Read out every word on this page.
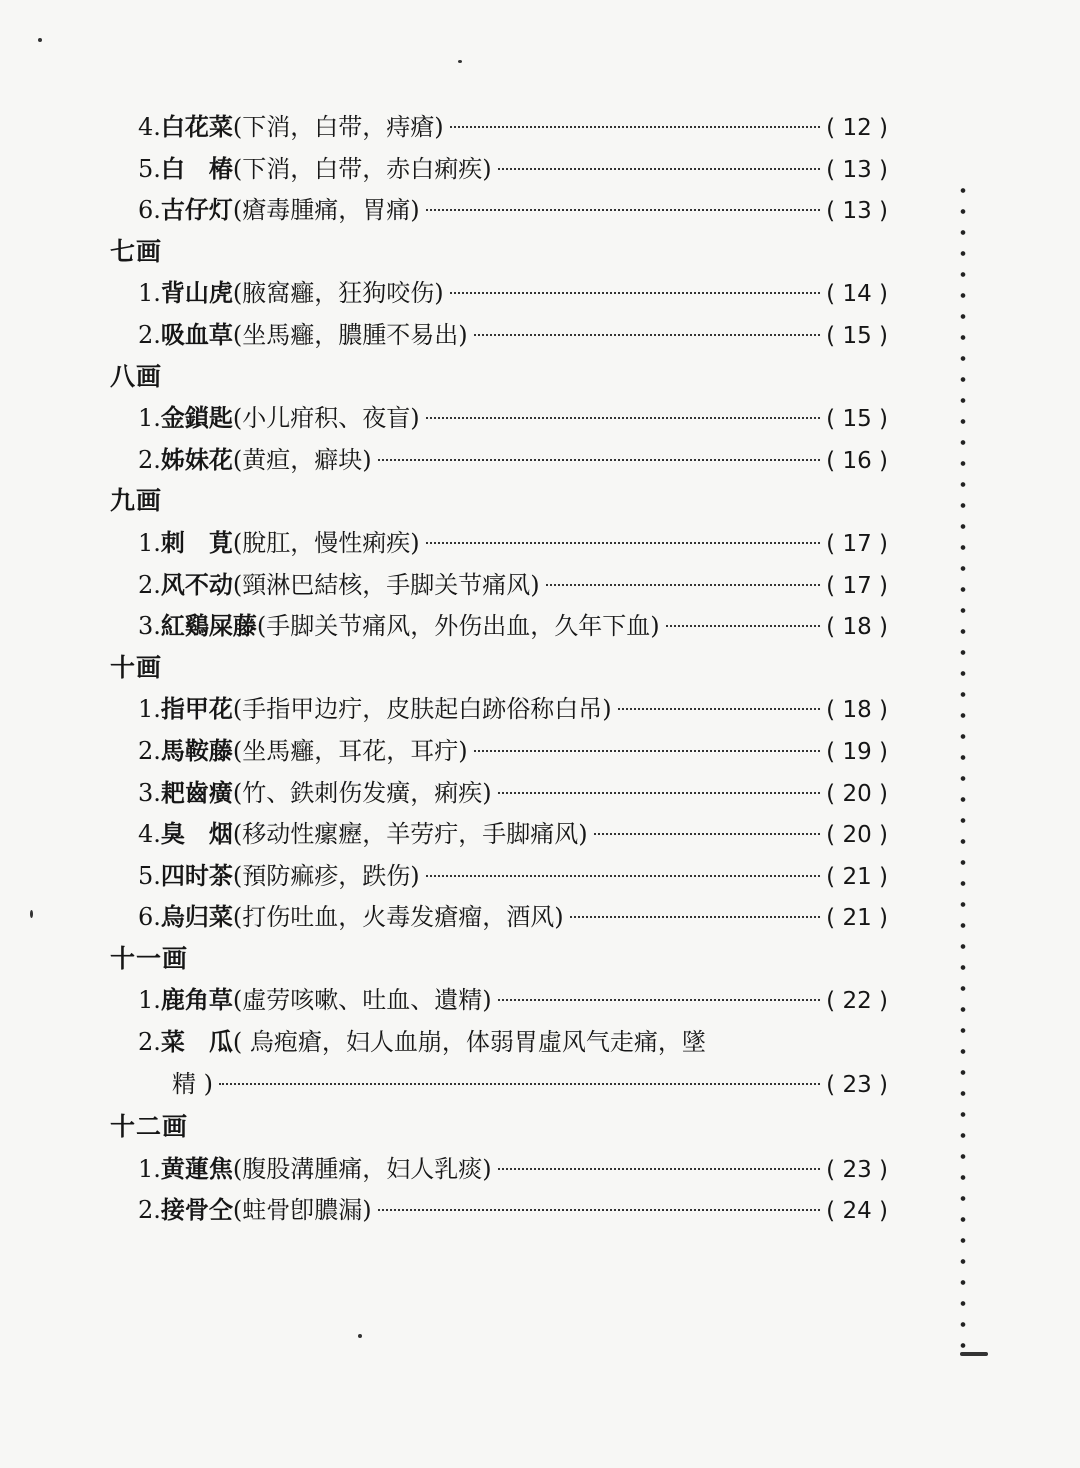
4. 白花菜 (下消，白带，痔瘡)	( 12 )
5. 白　椿 (下消，白带，赤白痢疾)	( 13 )
6. 古仔灯 (瘡毒腫痛，胃痛)	( 13 )
七画
1. 背山虎 (腋窩癰，狂狗咬伤)	( 14 )
2. 吸血草 (坐馬癰，膿腫不易出)	( 15 )
八画
1. 金鎖匙 (小儿疳积、夜盲)	( 15 )
2. 姊妹花 (黄疸，癖块)	( 16 )
九画
1. 刺　莧 (脫肛，慢性痢疾)	( 17 )
2. 风不动 (頸淋巴結核，手脚关节痛风)	( 17 )
3. 紅鷄屎藤 (手脚关节痛风，外伤出血，久年下血)	( 18 )
十画
1. 指甲花 (手指甲边疔，皮肤起白跡俗称白吊)	( 18 )
2. 馬鞍藤 (坐馬癰，耳花，耳疔)	( 19 )
3. 耙齒癀 (竹、鉄刺伤发癀，痢疾)	( 20 )
4. 臭　烟 (移动性瘰癧，羊劳疔，手脚痛风)	( 20 )
5. 四时茶 (預防痲疹，跌伤)	( 21 )
6. 烏归菜 (打伤吐血，火毒发瘡瘤，酒风)	( 21 )
十一画
1. 鹿角草 (虛劳咳嗽、吐血、遺精)	( 22 )
2.菜　瓜( 烏疱瘡，妇人血崩，体弱胃虛风气走痛，墜
精 )	( 23 )
十二画
1. 黄蓮焦 (腹股溝腫痛，妇人乳痰)	( 23 )
2. 接骨仝 (蛀骨卽膿漏)	( 24 )
